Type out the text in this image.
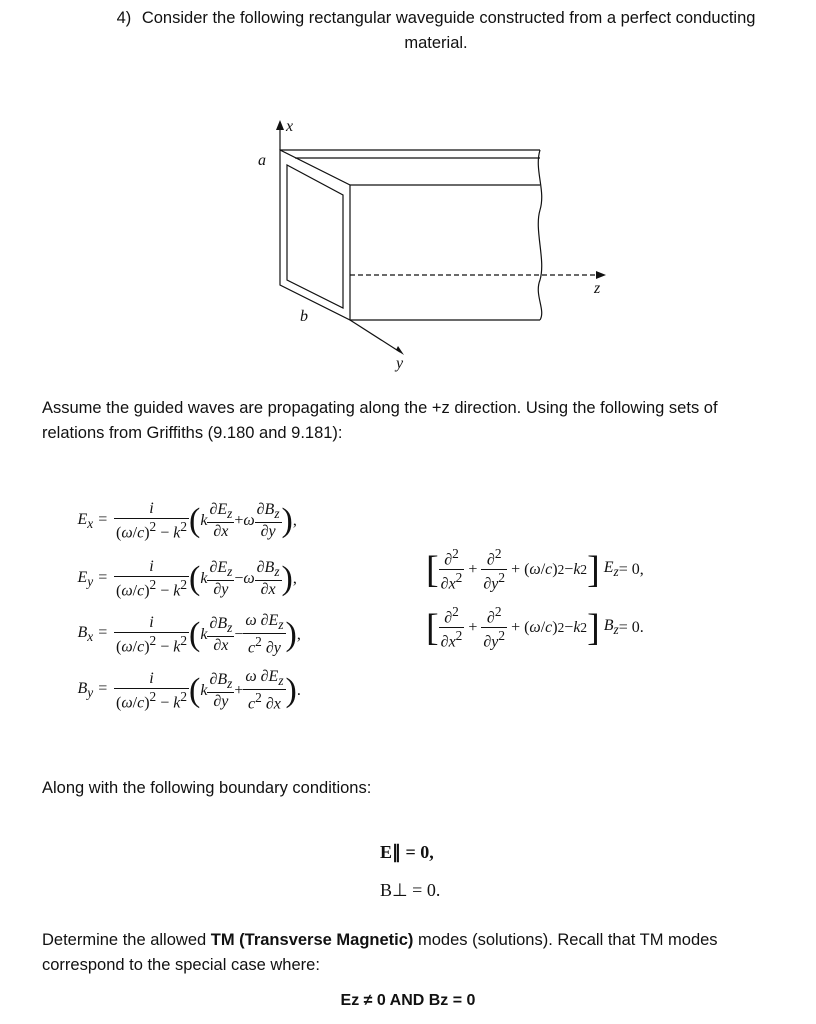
4) Consider the following rectangular waveguide constructed from a perfect conducting
material.
x
a
b
y
z
Assume the guided waves are propagating along the +z direction. Using the following sets of
relations from Griffiths (9.180 and 9.181):
$E_x = \frac{i}{(\omega/c)^2 - k^2}$ ( k $\frac{\partial E_z}{\partial x} + \omega \frac{\partial B_z}{\partial y}$ ) ,
$E_y = \frac{i}{(\omega/c)^2 - k^2}$ ( k $\frac{\partial E_z}{\partial y} - \omega \frac{\partial B_z}{\partial x}$ ) ,
$B_x = \frac{i}{(\omega/c)^2 - k^2}$ ( k $\frac{\partial B_z}{\partial x} - \frac{\omega \partial E_z}{c^2 \partial y}$ ) ,
$B_y = \frac{i}{(\omega/c)^2 - k^2}$ ( k $\frac{\partial B_z}{\partial y} + \frac{\omega \partial E_z}{c^2 \partial x}$ ) .
[ $\frac{\partial^2}{\partial x^2} + \frac{\partial^2}{\partial y^2}$ + ( ω / c ) 2 − k 2 ]
$E_z = 0$,
[ $\frac{\partial^2}{\partial x^2} + \frac{\partial^2}{\partial y^2}$ + ( ω / c ) 2 − k 2 ]
$B_z = 0$.
Along with the following boundary conditions:
E∥ = 0,
B⊥ = 0.
Determine the allowed TM (Transverse Magnetic) modes (solutions). Recall that TM modes
correspond to the special case where:
Ez ≠ 0 AND Bz = 0
